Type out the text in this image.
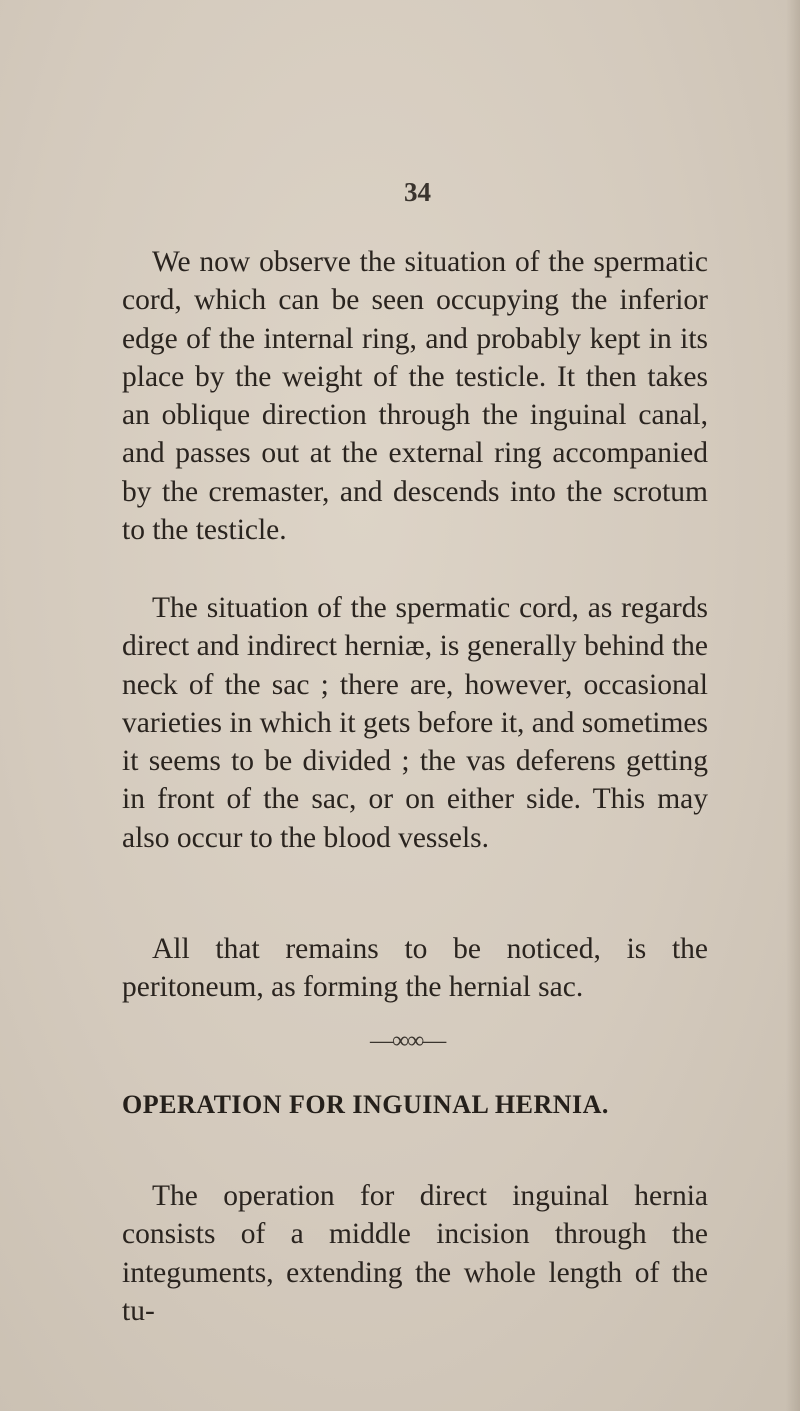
34

We now observe the situation of the spermatic cord, which can be seen occupying the inferior edge of the internal ring, and probably kept in its place by the weight of the testicle. It then takes an oblique direction through the inguinal canal, and passes out at the external ring accompanied by the cremaster, and descends into the scrotum to the testicle.

The situation of the spermatic cord, as regards direct and indirect herniæ, is generally behind the neck of the sac ; there are, however, occasional varieties in which it gets before it, and sometimes it seems to be divided ; the vas deferens getting in front of the sac, or on either side. This may also occur to the blood vessels.

All that remains to be noticed, is the peritoneum, as forming the hernial sac.

—∞∞—
OPERATION FOR INGUINAL HERNIA.

The operation for direct inguinal hernia consists of a middle incision through the integuments, extending the whole length of the tu-
